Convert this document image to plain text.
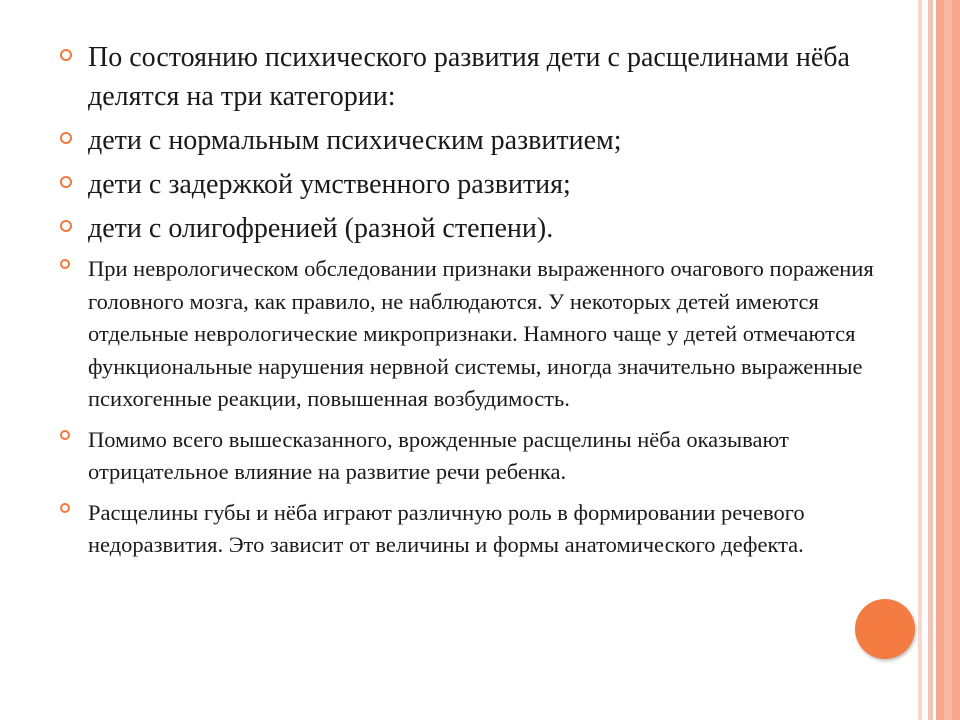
По состоянию психического развития дети с расщелинами нёба делятся на три категории:
дети с нормальным психическим развитием;
дети с задержкой умственного развития;
дети с олигофренией (разной степени).
При неврологическом обследовании признаки выраженного очагового поражения головного мозга, как правило, не наблюдаются. У некоторых детей имеются отдельные неврологические микропризнаки. Намного чаще у детей отмечаются функциональные нарушения нервной системы, иногда значительно выраженные психогенные реакции, повышенная возбудимость.
Помимо всего вышесказанного, врожденные расщелины нёба оказывают отрицательное влияние на развитие речи ребенка.
Расщелины губы и нёба играют различную роль в формировании речевого недоразвития. Это зависит от величины и формы анатомического дефекта.
